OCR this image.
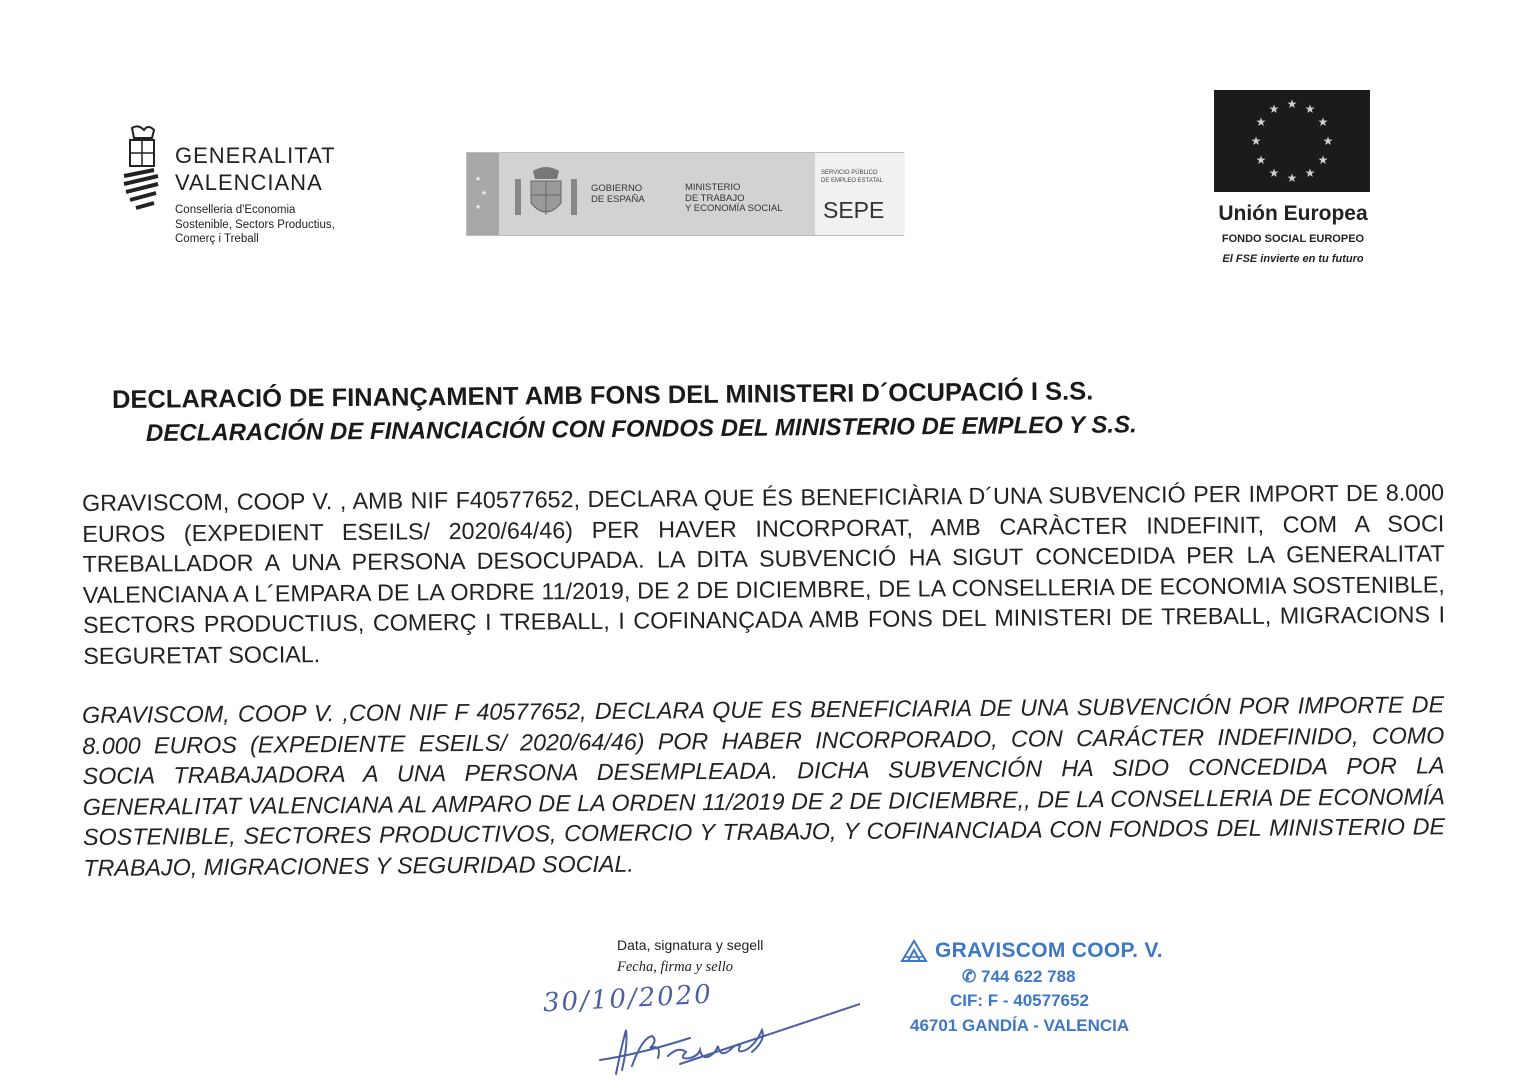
GENERALITAT
VALENCIANA
Conselleria d'Economia
Sostenible, Sectors Productius,
Comerç i Treball
★
★
★
GOBIERNO
DE ESPAÑA
MINISTERIO
DE TRABAJO
Y ECONOMÍA SOCIAL
SERVICIO PÚBLICO
DE EMPLEO ESTATAL
SEPE
★ ★
★
★
★
★
★
★
★
★
★
★
Unión Europea
FONDO SOCIAL EUROPEO
El FSE invierte en tu futuro
DECLARACIÓ DE FINANÇAMENT AMB FONS DEL MINISTERI D´OCUPACIÓ I S.S.
DECLARACIÓN DE FINANCIACIÓN CON FONDOS DEL MINISTERIO DE EMPLEO Y S.S.
GRAVISCOM, COOP V. , AMB NIF F40577652, DECLARA QUE ÉS BENEFICIÀRIA D´UNA SUBVENCIÓ PER IMPORT DE 8.000 EUROS (EXPEDIENT ESEILS/ 2020/64/46) PER HAVER INCORPORAT, AMB CARÀCTER INDEFINIT, COM A SOCI TREBALLADOR A UNA PERSONA DESOCUPADA. LA DITA SUBVENCIÓ HA SIGUT CONCEDIDA PER LA GENERALITAT VALENCIANA A L´EMPARA DE LA ORDRE 11/2019, DE 2 DE DICIEMBRE, DE LA CONSELLERIA DE ECONOMIA SOSTENIBLE, SECTORS PRODUCTIUS, COMERÇ I TREBALL, I COFINANÇADA AMB FONS DEL MINISTERI DE TREBALL, MIGRACIONS I SEGURETAT SOCIAL.
GRAVISCOM, COOP V. ,CON NIF F 40577652, DECLARA QUE ES BENEFICIARIA DE UNA SUBVENCIÓN POR IMPORTE DE 8.000 EUROS (EXPEDIENTE ESEILS/ 2020/64/46) POR HABER INCORPORADO, CON CARÁCTER INDEFINIDO, COMO SOCIA TRABAJADORA A UNA PERSONA DESEMPLEADA. DICHA SUBVENCIÓN HA SIDO CONCEDIDA POR LA GENERALITAT VALENCIANA AL AMPARO DE LA ORDEN 11/2019 DE 2 DE DICIEMBRE,, DE LA CONSELLERIA DE ECONOMÍA SOSTENIBLE, SECTORES PRODUCTIVOS, COMERCIO Y TRABAJO, Y COFINANCIADA CON FONDOS DEL MINISTERIO DE TRABAJO, MIGRACIONES Y SEGURIDAD SOCIAL.
Data, signatura y segell
Fecha, firma y sello
30/10/2020
GRAVISCOM COOP. V.
✆ 744 622 788
CIF: F - 40577652
46701 GANDÍA - VALENCIA
